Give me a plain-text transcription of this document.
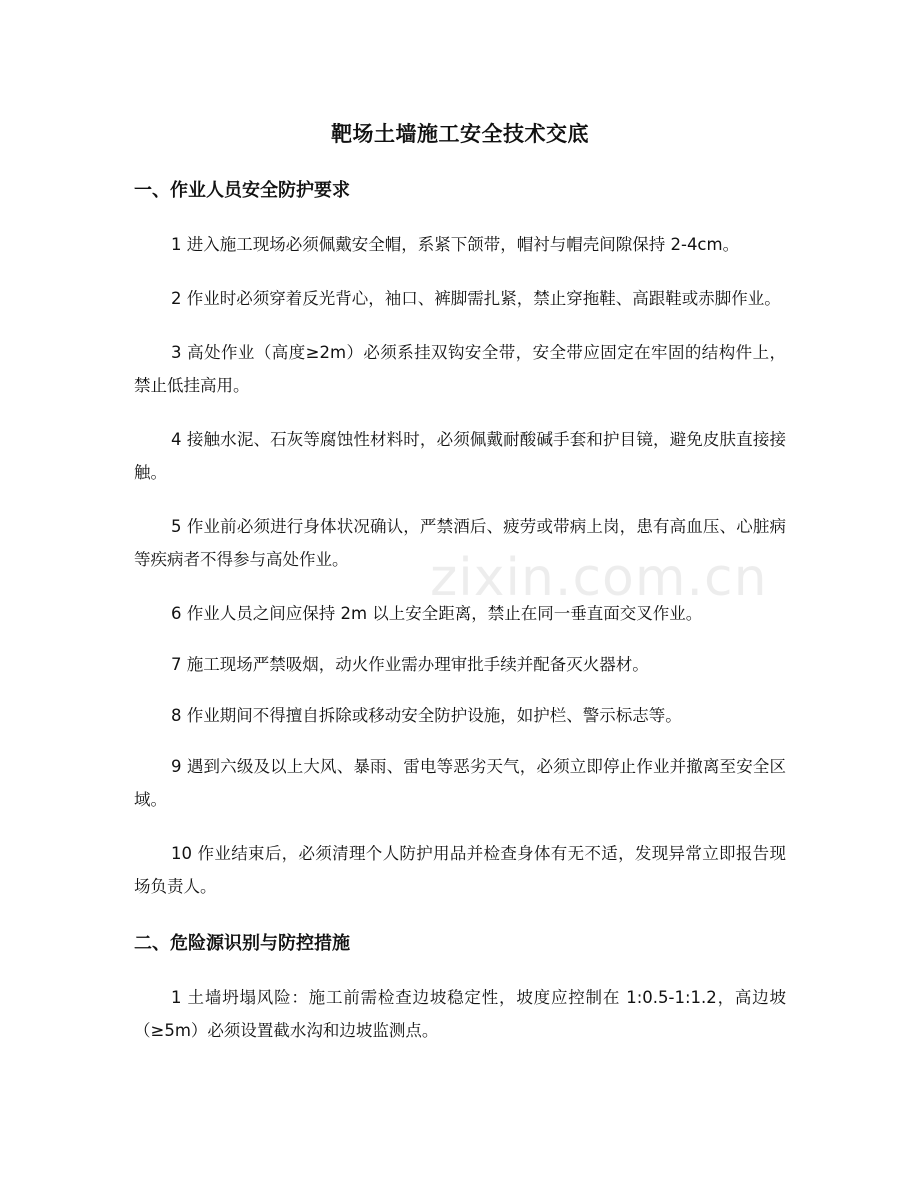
靶场土墙施工安全技术交底
一、作业人员安全防护要求

1 进入施工现场必须佩戴安全帽，系紧下颌带，帽衬与帽壳间隙保持 2-4cm。

2 作业时必须穿着反光背心，袖口、裤脚需扎紧，禁止穿拖鞋、高跟鞋或赤脚作业。

3 高处作业（高度≥2m）必须系挂双钩安全带，安全带应固定在牢固的结构件上，禁止低挂高用。

4 接触水泥、石灰等腐蚀性材料时，必须佩戴耐酸碱手套和护目镜，避免皮肤直接接触。

5 作业前必须进行身体状况确认，严禁酒后、疲劳或带病上岗，患有高血压、心脏病等疾病者不得参与高处作业。

6 作业人员之间应保持 2m 以上安全距离，禁止在同一垂直面交叉作业。

7 施工现场严禁吸烟，动火作业需办理审批手续并配备灭火器材。

8 作业期间不得擅自拆除或移动安全防护设施，如护栏、警示标志等。

9 遇到六级及以上大风、暴雨、雷电等恶劣天气，必须立即停止作业并撤离至安全区域。

10 作业结束后，必须清理个人防护用品并检查身体有无不适，发现异常立即报告现场负责人。

二、危险源识别与防控措施

1 土墙坍塌风险：施工前需检查边坡稳定性，坡度应控制在 1:0.5-1:1.2，高边坡（≥5m）必须设置截水沟和边坡监测点。

zixin.com.cn
